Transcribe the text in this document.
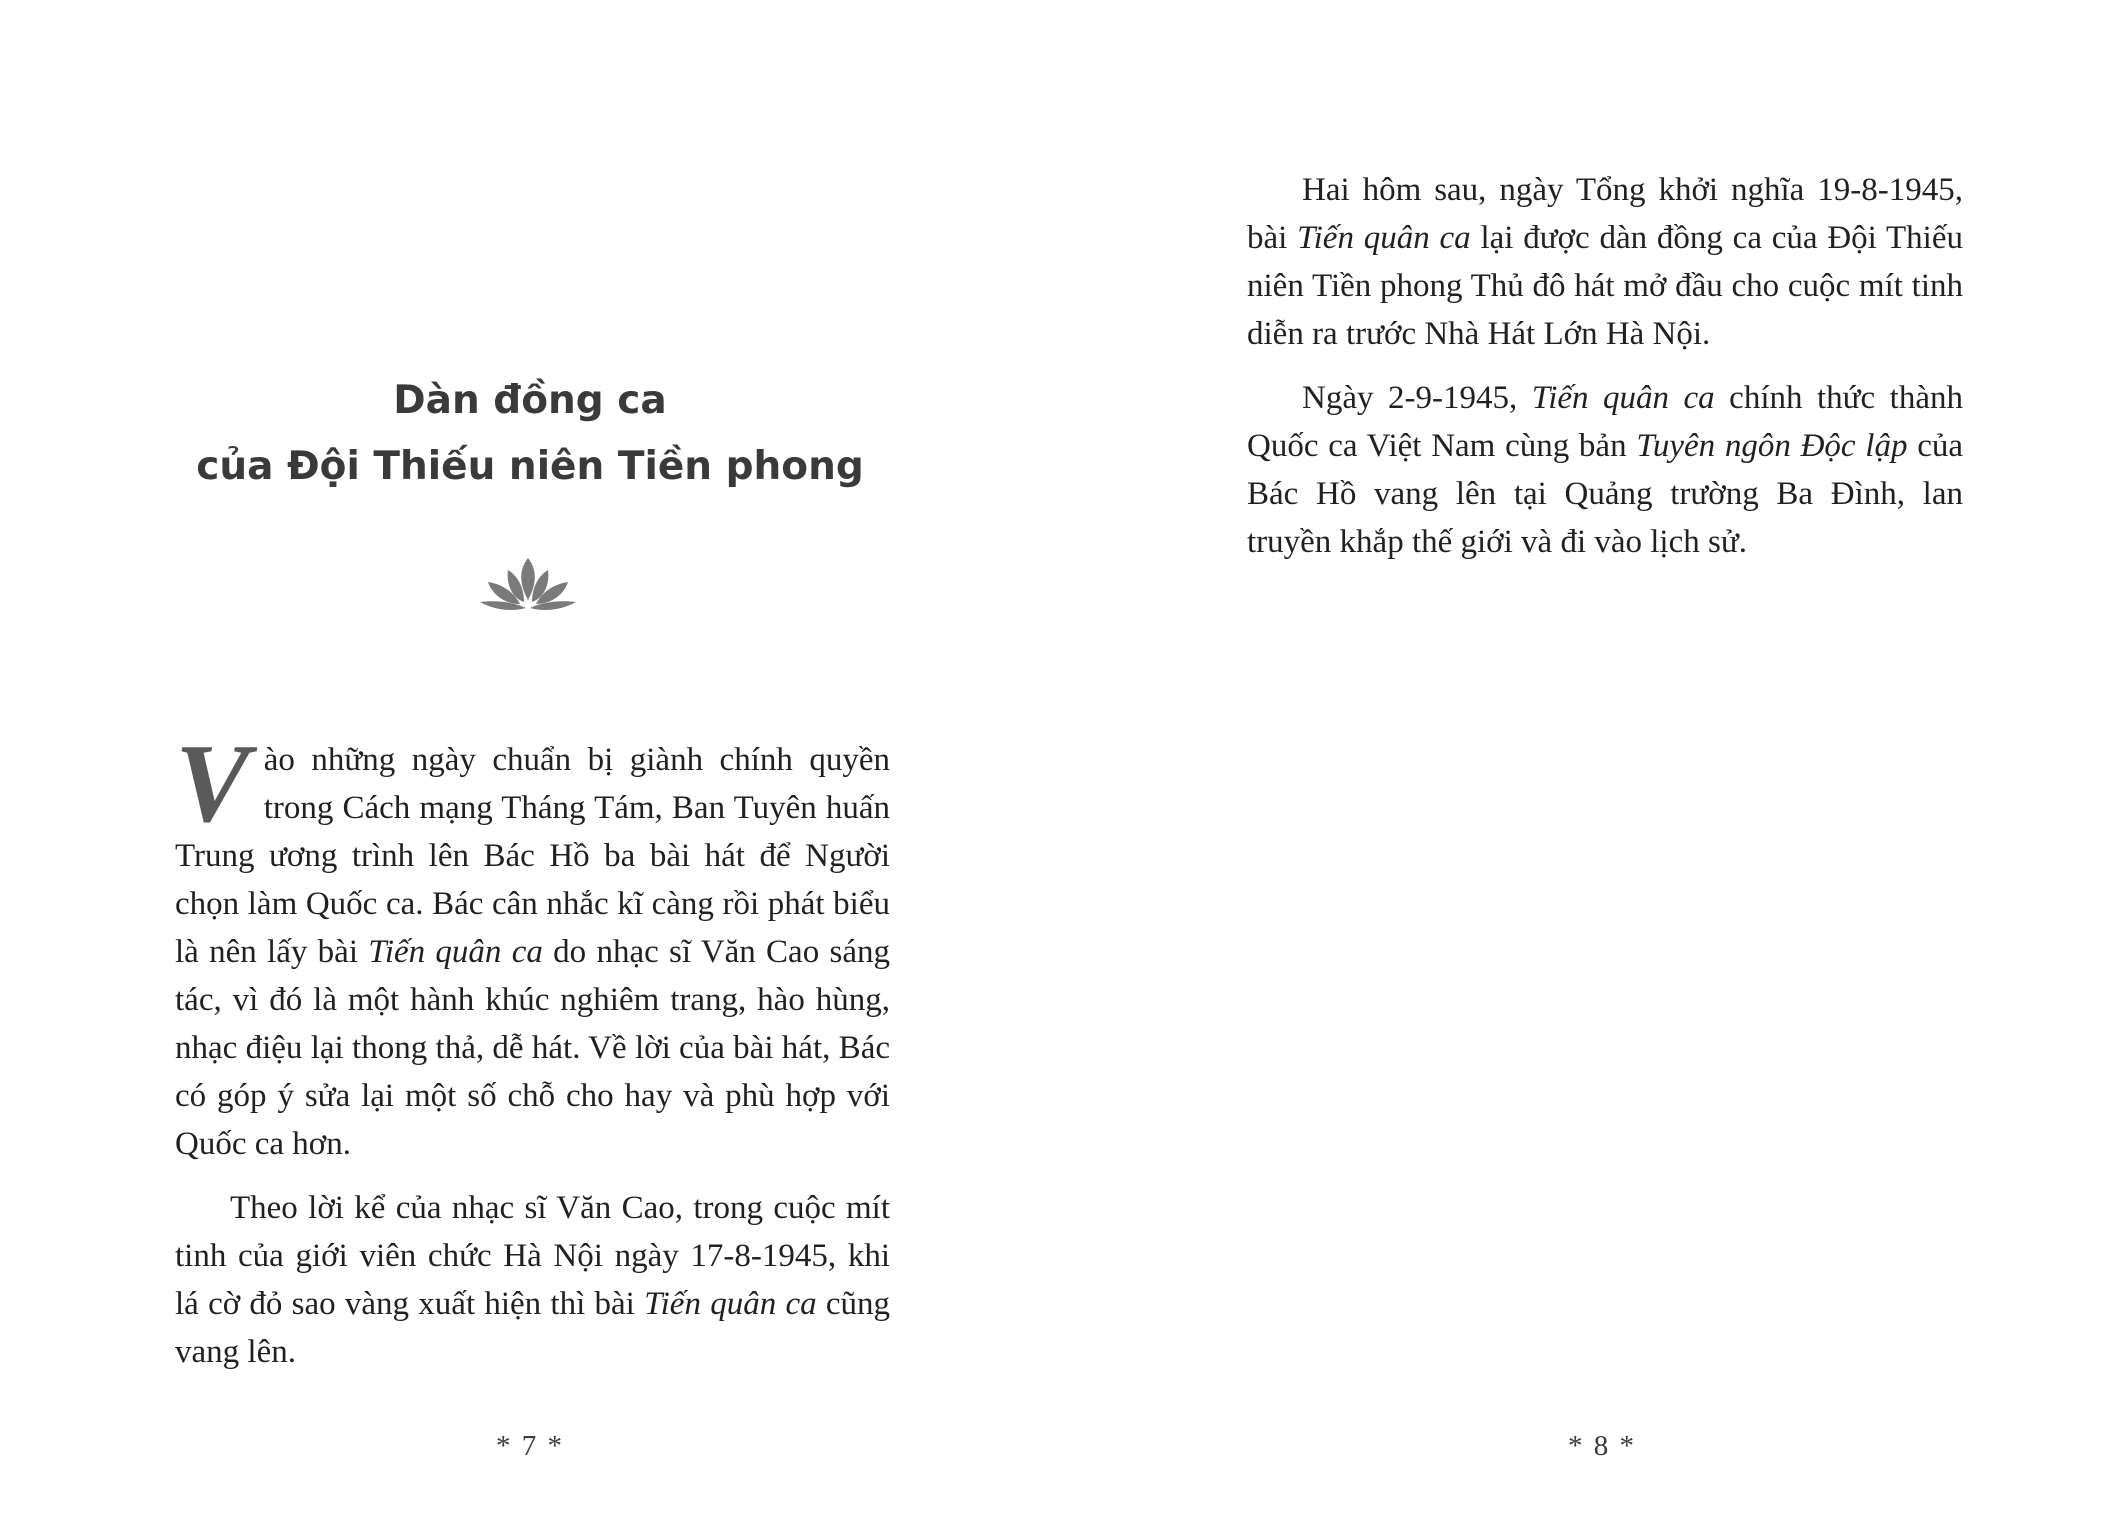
Dàn đồng ca
của Đội Thiếu niên Tiền phong

Vào những ngày chuẩn bị giành chính quyền trong Cách mạng Tháng Tám, Ban Tuyên huấn Trung ương trình lên Bác Hồ ba bài hát để Người chọn làm Quốc ca. Bác cân nhắc kĩ càng rồi phát biểu là nên lấy bài Tiến quân ca do nhạc sĩ Văn Cao sáng tác, vì đó là một hành khúc nghiêm trang, hào hùng, nhạc điệu lại thong thả, dễ hát. Về lời của bài hát, Bác có góp ý sửa lại một số chỗ cho hay và phù hợp với Quốc ca hơn.

Theo lời kể của nhạc sĩ Văn Cao, trong cuộc mít tinh của giới viên chức Hà Nội ngày 17-8-1945, khi lá cờ đỏ sao vàng xuất hiện thì bài Tiến quân ca cũng vang lên.

* 7 *

Hai hôm sau, ngày Tổng khởi nghĩa 19-8-1945, bài Tiến quân ca lại được dàn đồng ca của Đội Thiếu niên Tiền phong Thủ đô hát mở đầu cho cuộc mít tinh diễn ra trước Nhà Hát Lớn Hà Nội.

Ngày 2-9-1945, Tiến quân ca chính thức thành Quốc ca Việt Nam cùng bản Tuyên ngôn Độc lập của Bác Hồ vang lên tại Quảng trường Ba Đình, lan truyền khắp thế giới và đi vào lịch sử.

* 8 *
